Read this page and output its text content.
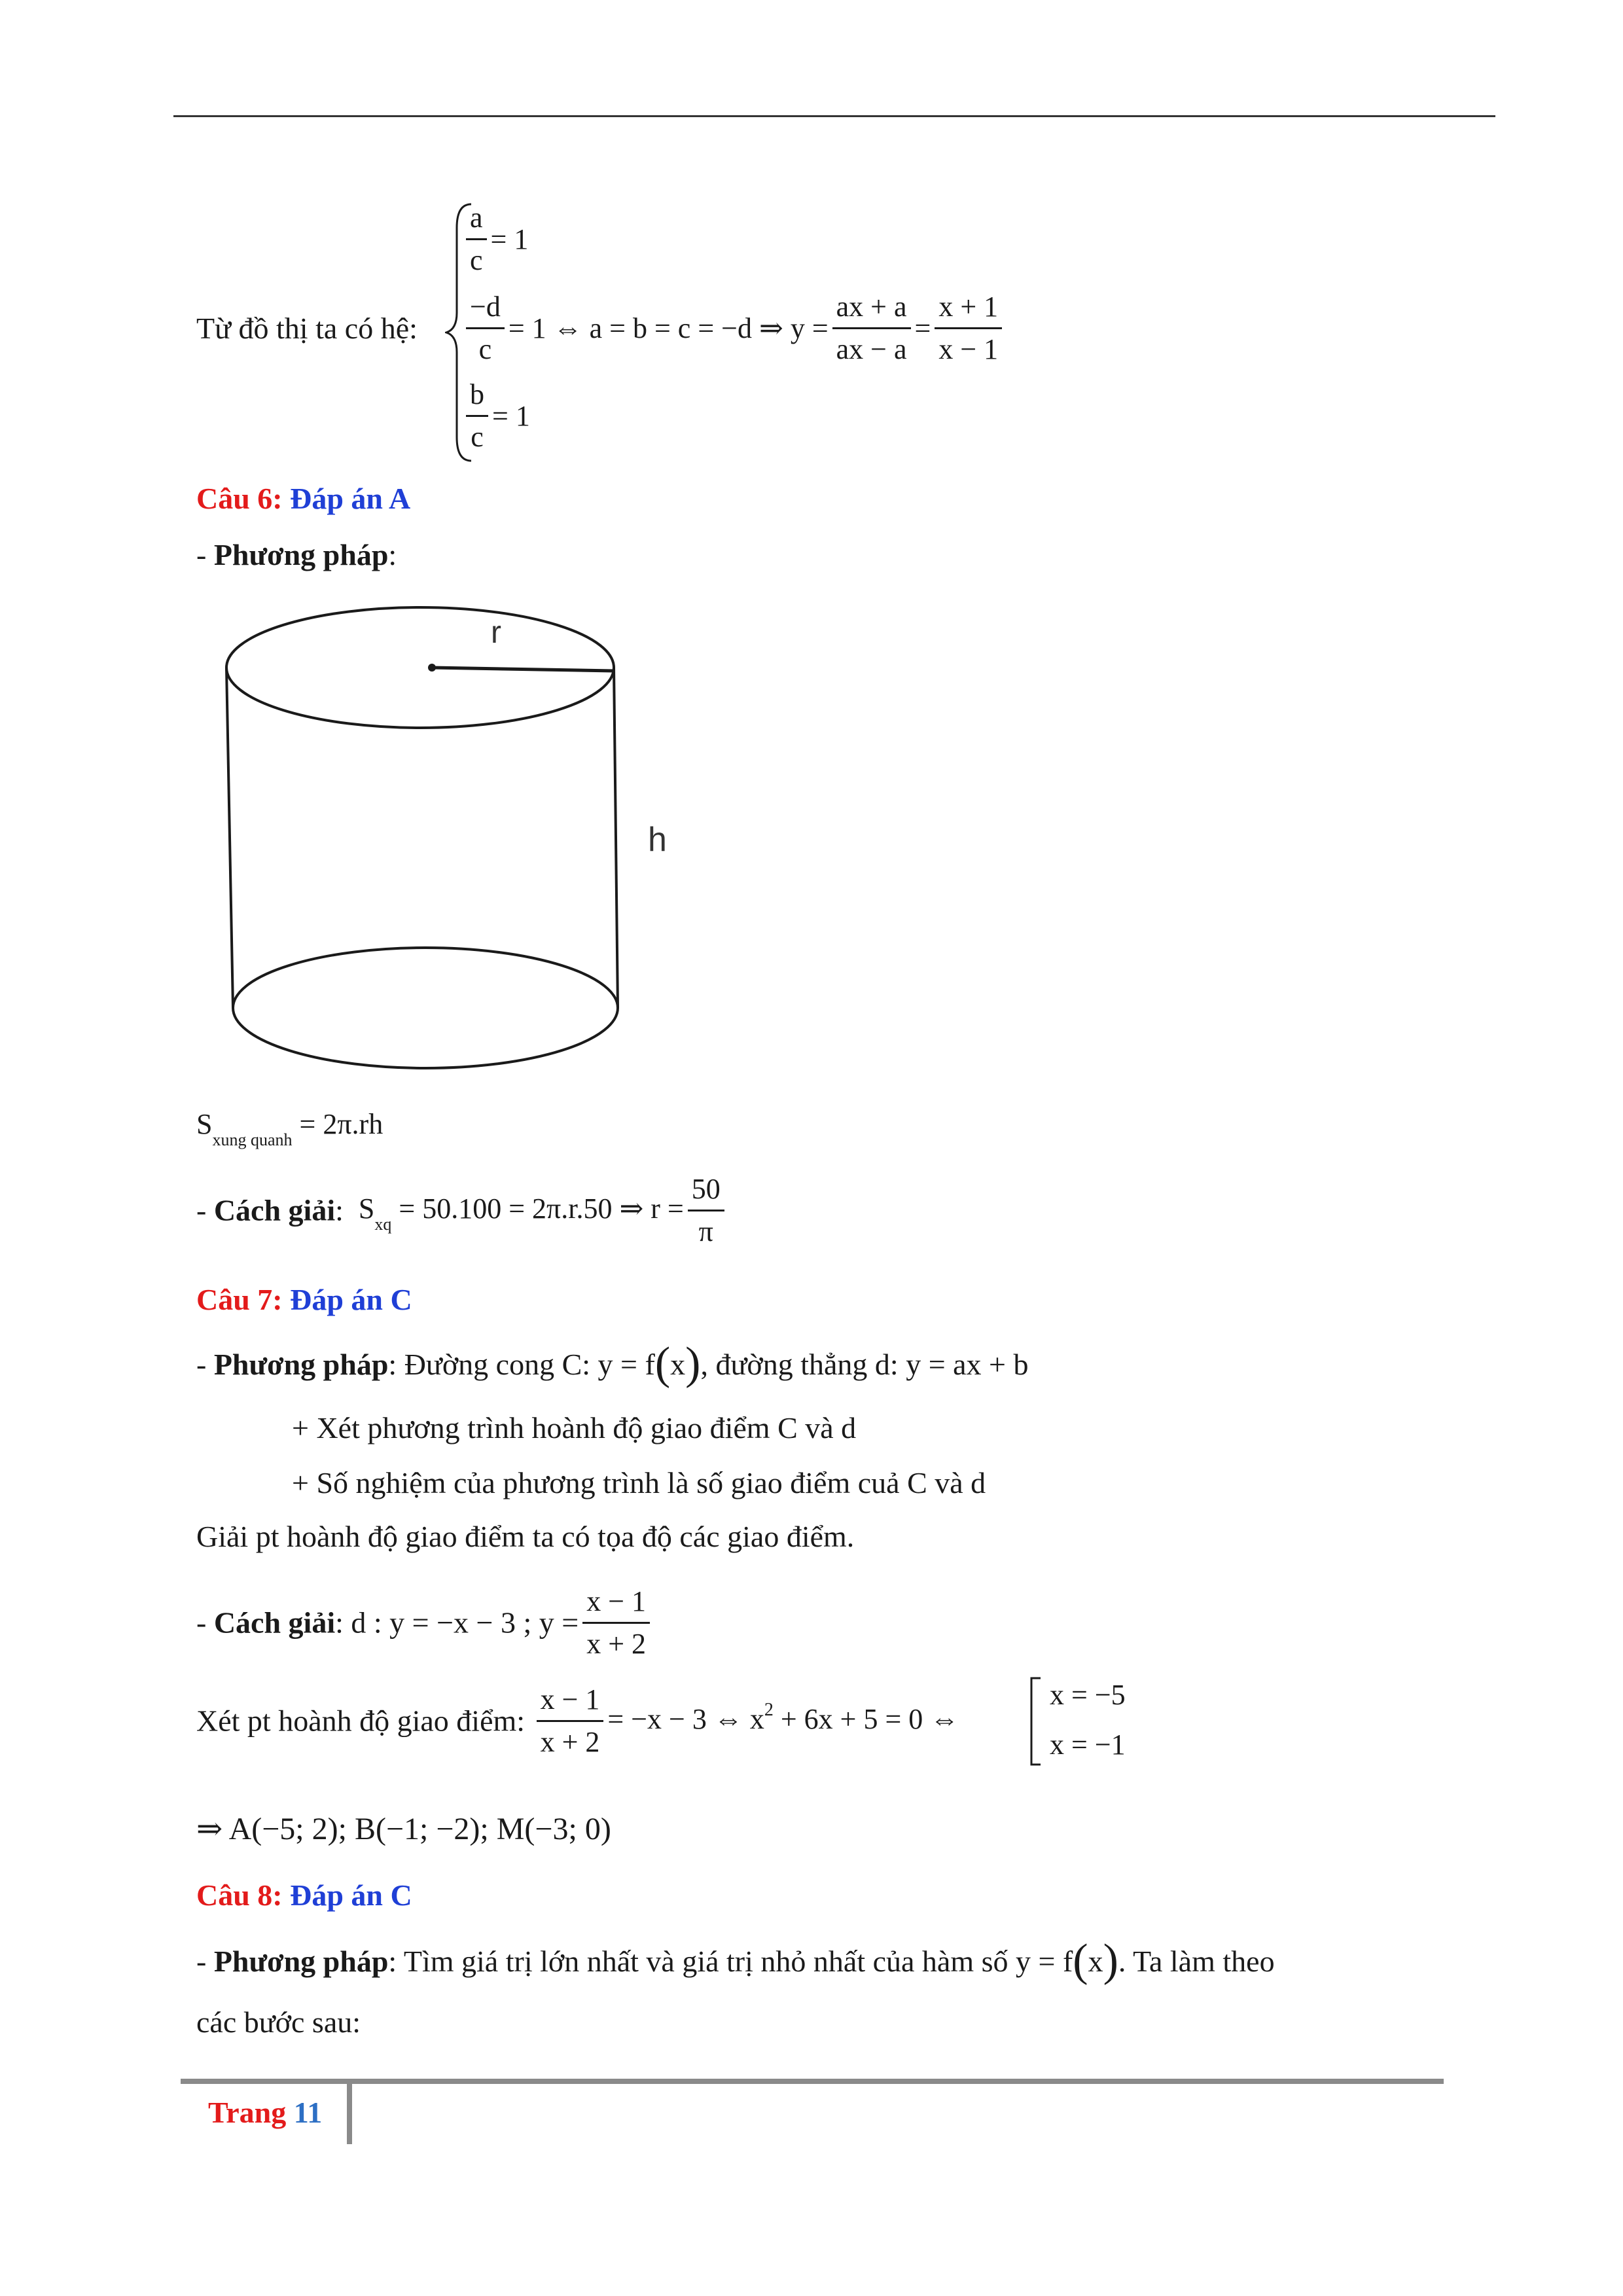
Từ đồ thị ta có hệ:
$\frac{a}{c} = 1$
$\frac{-d}{c} = 1$ ⇔ a = b = c = −d ⇒ $y = \frac{ax + a}{ax - a} = \frac{x + 1}{x - 1}$
$\frac{b}{c} = 1$
Câu 6: Đáp án A
- Phương pháp:
r
h
$S_{xung quanh} = 2\pi.rh$
- Cách giải: $S_{xq} = 50.100 = 2\pi.r.50$ ⇒ $r = \frac{50}{\pi}$
Câu 7: Đáp án C
- Phương pháp: Đường cong C: y = f(x), đường thẳng d: y = ax + b
+ Xét phương trình hoành độ giao điểm C và d
+ Số nghiệm của phương trình là số giao điểm cuả C và d
Giải pt hoành độ giao điểm ta có tọa độ các giao điểm.
- Cách giải: d : y = −x − 3 ; $y = \frac{x - 1}{x + 2}$
Xét pt hoành độ giao điểm: $\frac{x - 1}{x + 2} = -x - 3$ ⇔ $x^2 + 6x + 5 = 0$ ⇔
x = −5
x = −1
⇒ A(−5; 2); B(−1; −2); M(−3; 0)
Câu 8: Đáp án C
- Phương pháp: Tìm giá trị lớn nhất và giá trị nhỏ nhất của hàm số y = f(x). Ta làm theo
các bước sau:
Trang 11
